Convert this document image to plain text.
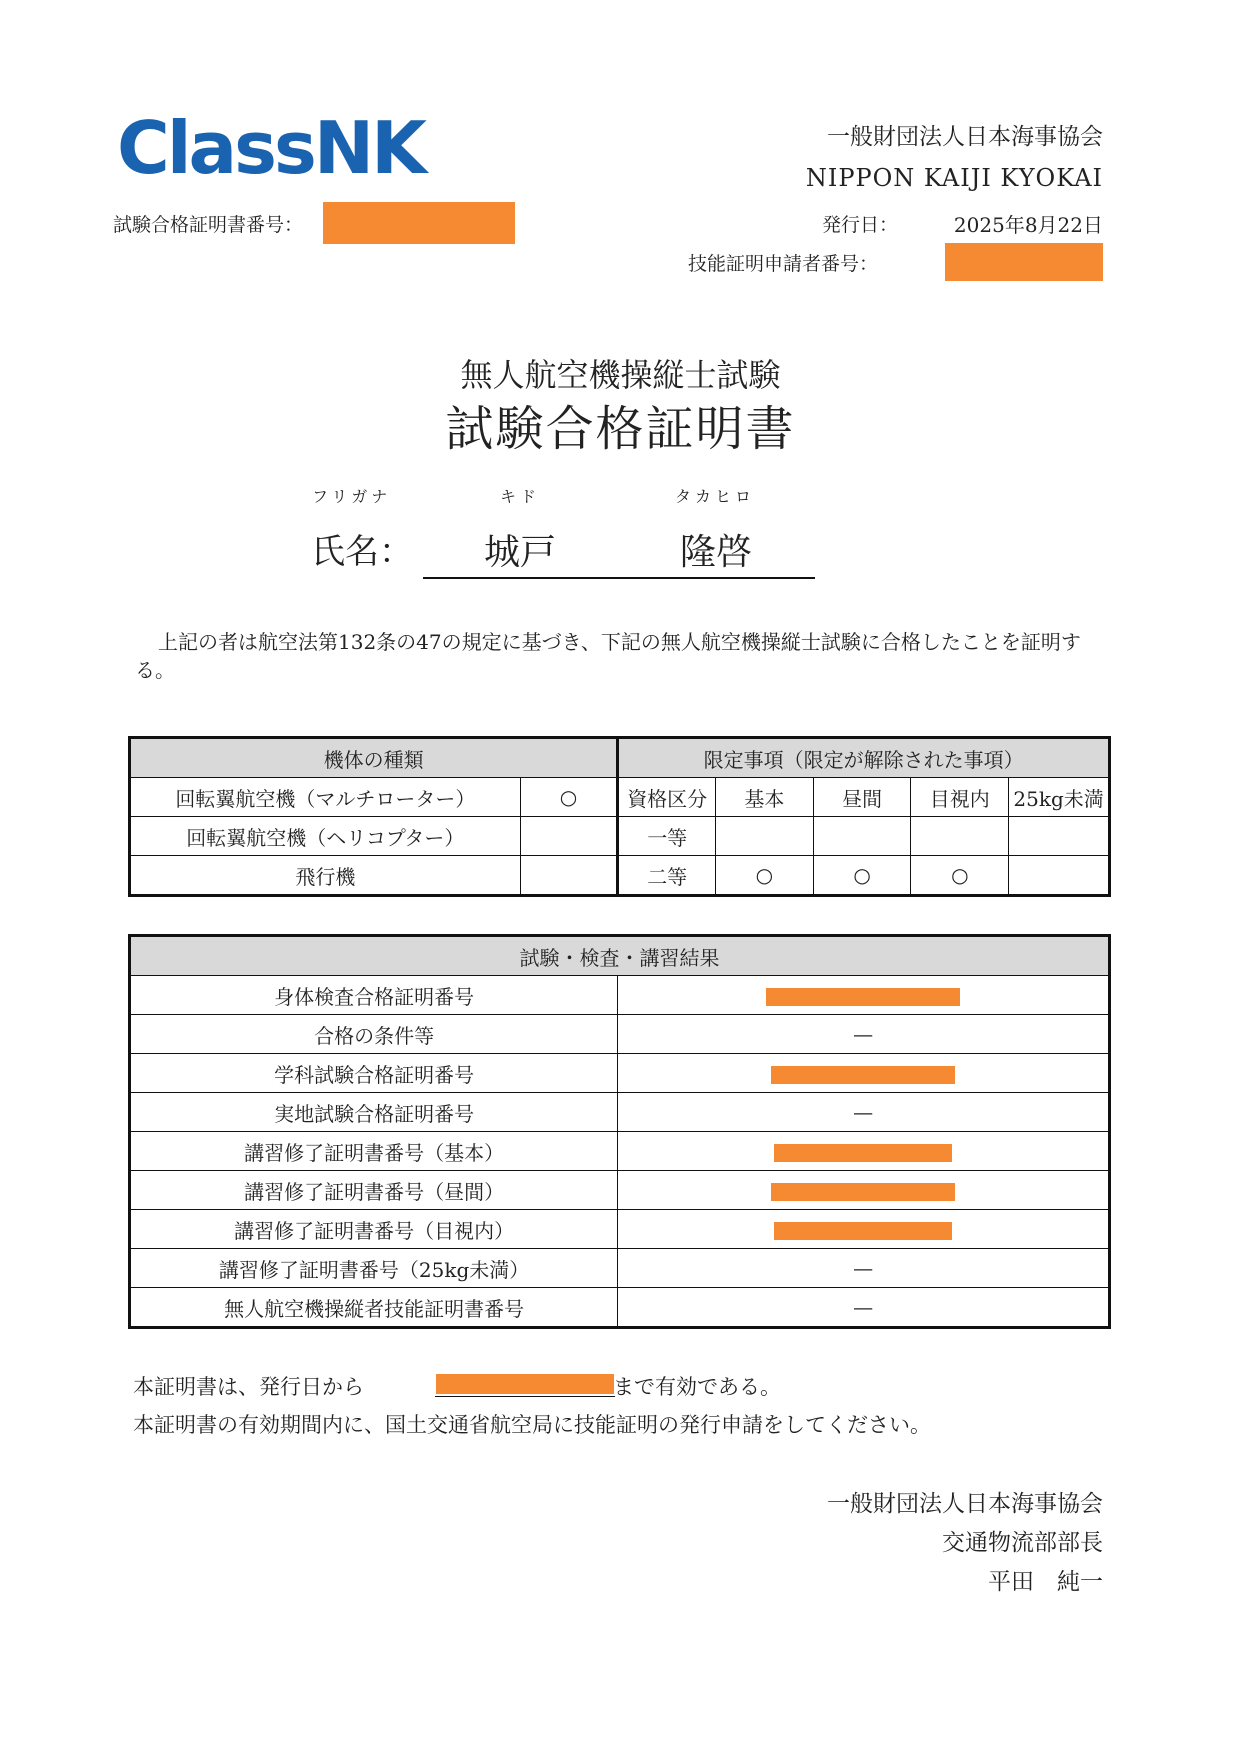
ClassNK	一般財団法人日本海事協会
NIPPON KAIJI KYOKAI
試験合格証明書番号：	発行日：	2025年8月22日
技能証明申請者番号：
無人航空機操縦士試験
試験合格証明書
フリガナ	キド	タカヒロ
氏名： 城戸	隆啓
上記の者は航空法第132条の47の規定に基づき、下記の無人航空機操縦士試験に合格したことを証明する。
機体の種類		限定事項（限定が解除された事項）				
回転翼航空機（マルチローター）	○	資格区分	基本	昼間	目視内	25kg未満
回転翼航空機（ヘリコプター）		一等				
飛行機		二等	○	○	○	
試験・検査・講習結果	
身体検査合格証明番号	
合格の条件等	—
学科試験合格証明番号	
実地試験合格証明番号	—
講習修了証明書番号（基本）	
講習修了証明書番号（昼間）	
講習修了証明書番号（目視内）	
講習修了証明書番号（25kg未満）	—
無人航空機操縦者技能証明書番号	—
本証明書は、発行日から	まで有効である。
本証明書の有効期間内に、国土交通省航空局に技能証明の発行申請をしてください。
一般財団法人日本海事協会
交通物流部部長
平田　純一
